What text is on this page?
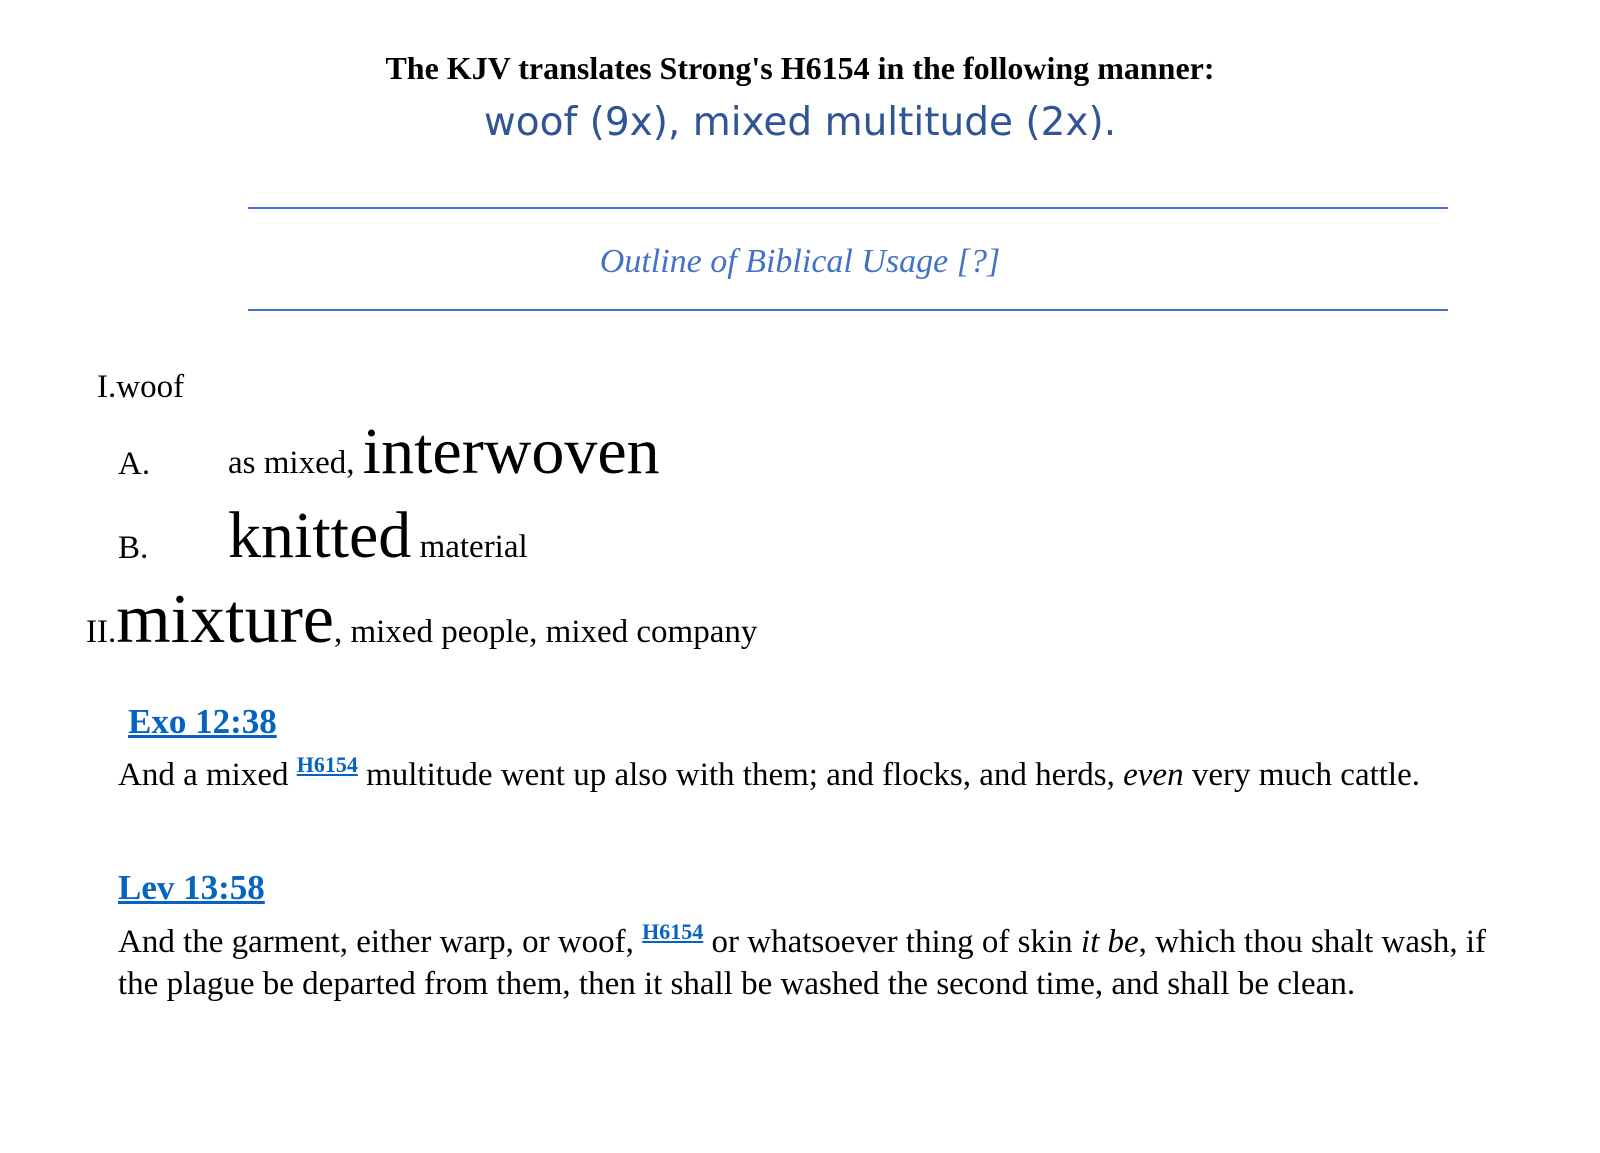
The KJV translates Strong's H6154 in the following manner:
woof (9x), mixed multitude (2x).
Outline of Biblical Usage [?]
I.woof
A. as mixed, interwoven
B. knitted material
II.mixture, mixed people, mixed company
Exo 12:38
And a mixed $^{H6154}$ multitude went up also with them; and flocks, and herds, even very much cattle.
Lev 13:58
And the garment, either warp, or woof, $^{H6154}$ or whatsoever thing of skin it be, which thou shalt wash, if the plague be departed from them, then it shall be washed the second time, and shall be clean.
